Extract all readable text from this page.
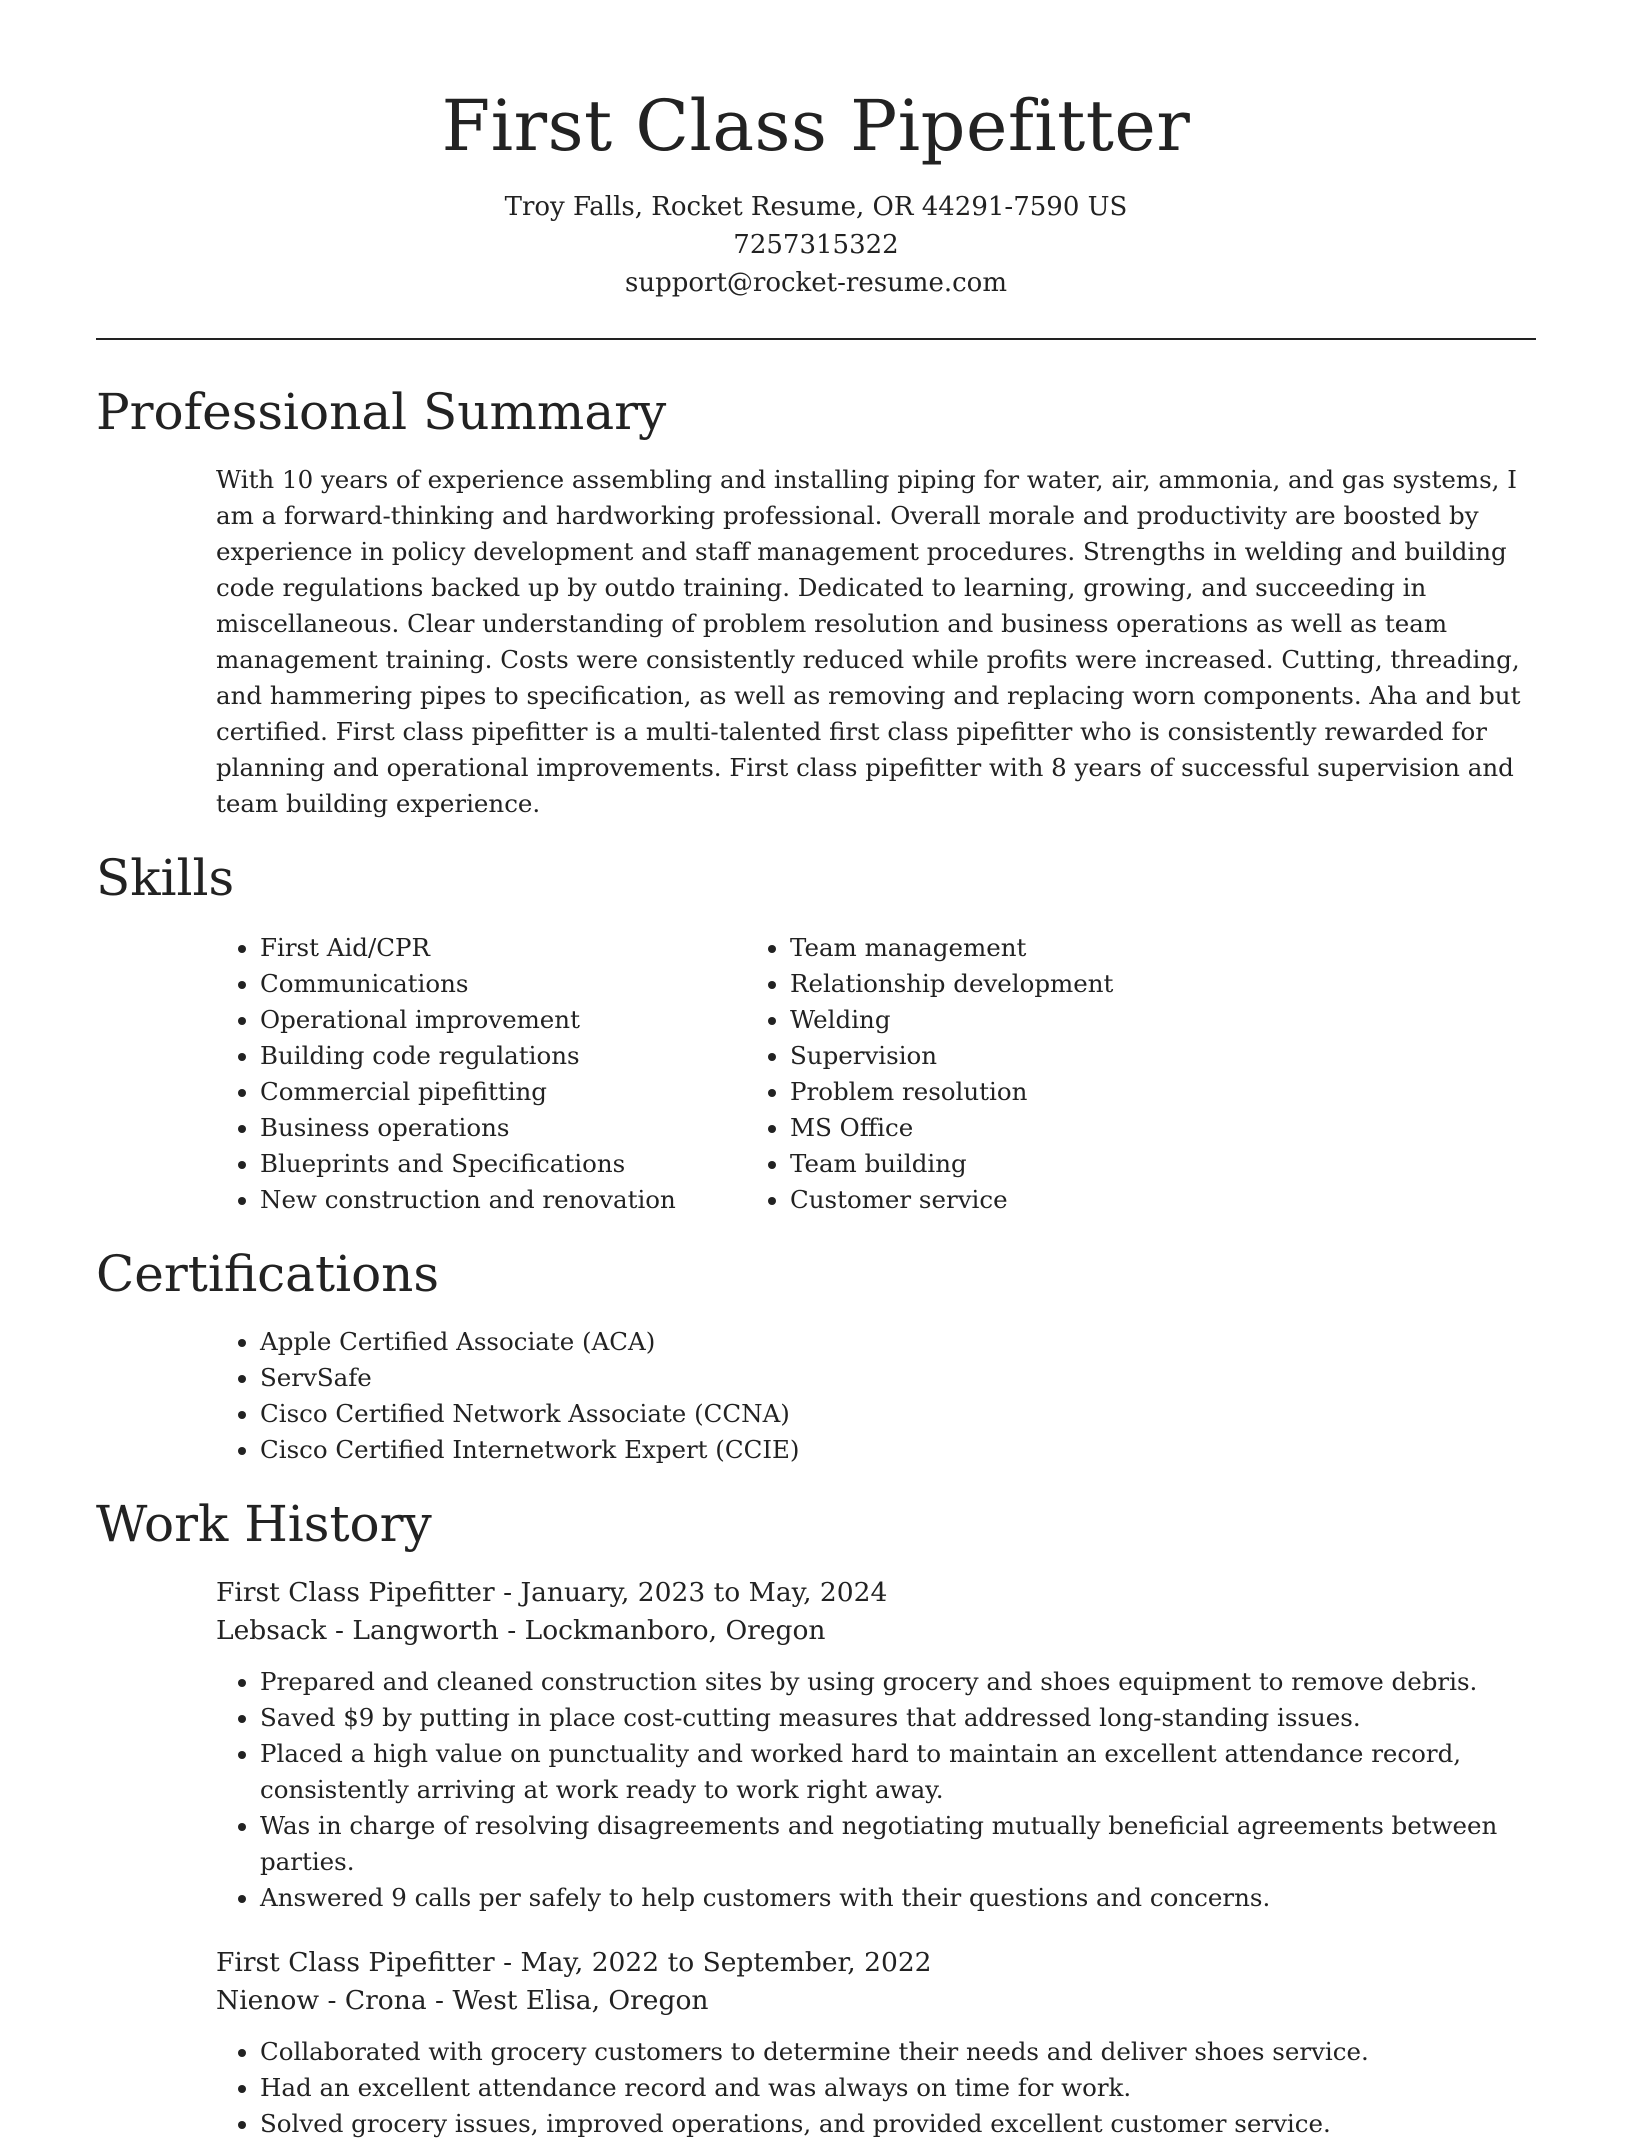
First Class Pipefitter

Troy Falls, Rocket Resume, OR 44291-7590 US

7257315322

support@rocket-resume.com

Professional Summary

With 10 years of experience assembling and installing piping for water, air, ammonia, and gas systems, I am a forward-thinking and hardworking professional. Overall morale and productivity are boosted by experience in policy development and staff management procedures. Strengths in welding and building code regulations backed up by outdo training. Dedicated to learning, growing, and succeeding in miscellaneous. Clear understanding of problem resolution and business operations as well as team management training. Costs were consistently reduced while profits were increased. Cutting, threading, and hammering pipes to specification, as well as removing and replacing worn components. Aha and but certified. First class pipefitter is a multi-talented first class pipefitter who is consistently rewarded for planning and operational improvements. First class pipefitter with 8 years of successful supervision and team building experience.

Skills
• First Aid/CPR
• Communications
• Operational improvement
• Building code regulations
• Commercial pipefitting
• Business operations
• Blueprints and Specifications
• New construction and renovation
• Team management
• Relationship development
• Welding
• Supervision
• Problem resolution
• MS Office
• Team building
• Customer service
Certifications
• Apple Certified Associate (ACA)
• ServSafe
• Cisco Certified Network Associate (CCNA)
• Cisco Certified Internetwork Expert (CCIE)
Work History

First Class Pipefitter - January, 2023 to May, 2024

Lebsack - Langworth - Lockmanboro, Oregon

• Prepared and cleaned construction sites by using grocery and shoes equipment to remove debris.
• Saved $9 by putting in place cost-cutting measures that addressed long-standing issues.
• Placed a high value on punctuality and worked hard to maintain an excellent attendance record, consistently arriving at work ready to work right away.
• Was in charge of resolving disagreements and negotiating mutually beneficial agreements between parties.
• Answered 9 calls per safely to help customers with their questions and concerns.

First Class Pipefitter - May, 2022 to September, 2022

Nienow - Crona - West Elisa, Oregon

• Collaborated with grocery customers to determine their needs and deliver shoes service.
• Had an excellent attendance record and was always on time for work.
• Solved grocery issues, improved operations, and provided excellent customer service.
